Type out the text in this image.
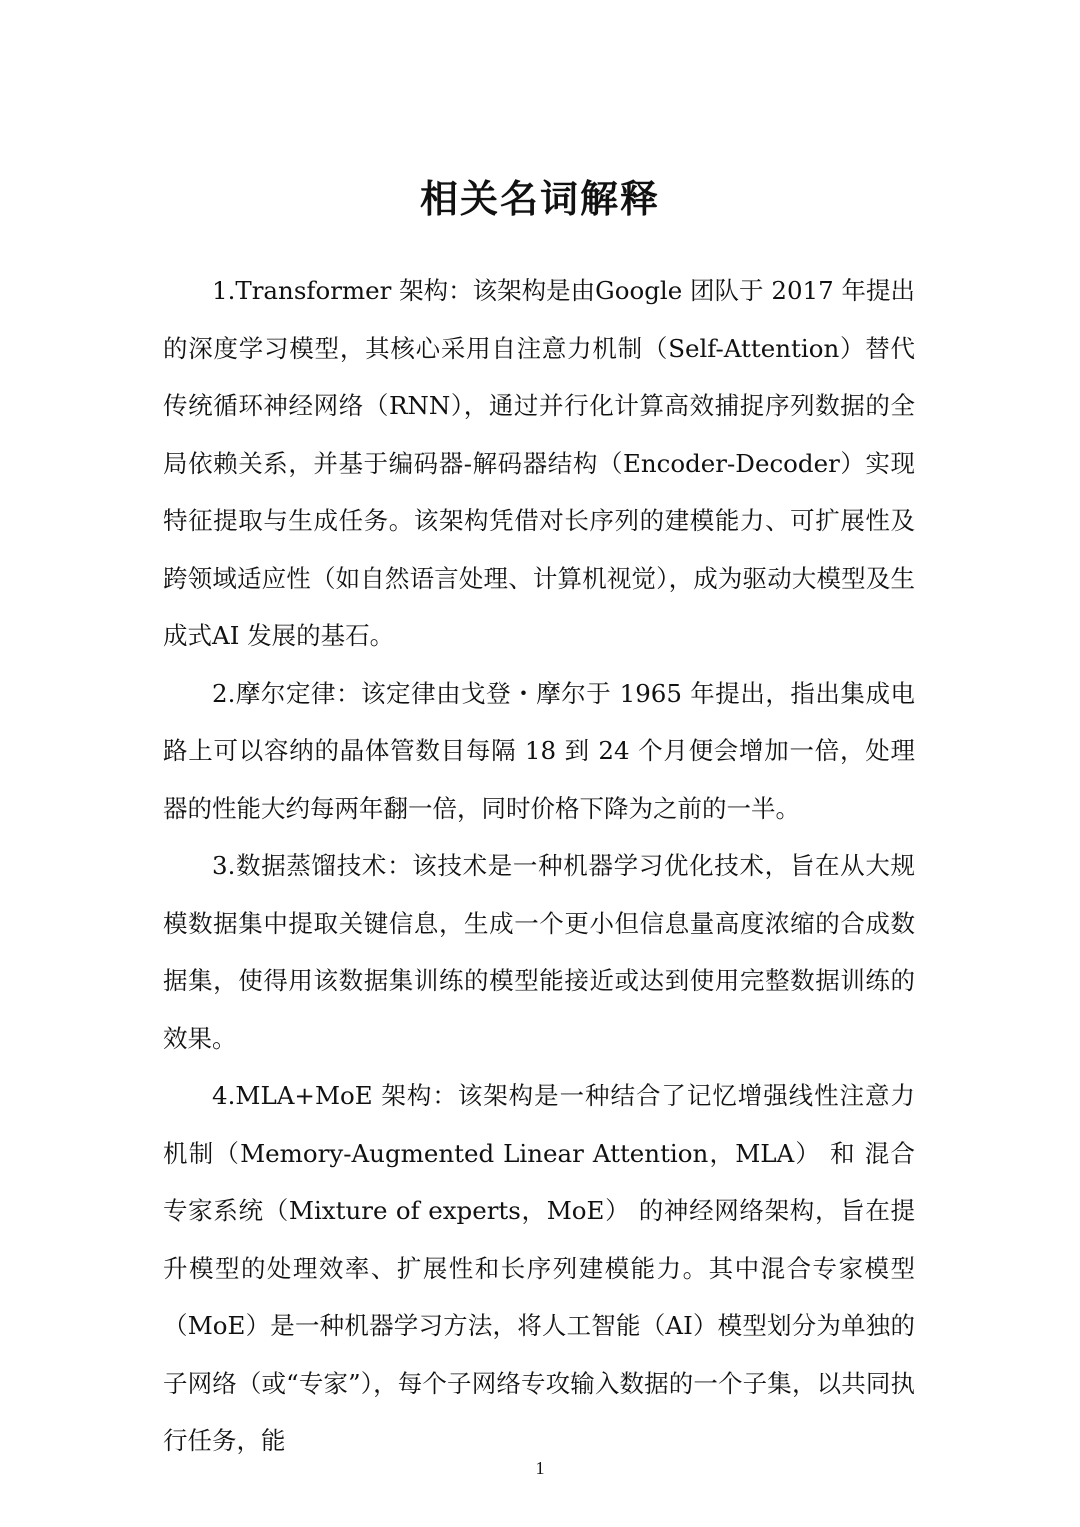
相关名词解释

1.Transformer 架构：该架构是由Google 团队于 2017 年提出的深度学习模型，其核心采用自注意力机制（Self-Attention）替代传统循环神经网络（RNN），通过并行化计算高效捕捉序列数据的全局依赖关系，并基于编码器-解码器结构（Encoder-Decoder）实现特征提取与生成任务。该架构凭借对长序列的建模能力、可扩展性及跨领域适应性（如自然语言处理、计算机视觉），成为驱动大模型及生成式AI 发展的基石。

2.摩尔定律：该定律由戈登・摩尔于 1965 年提出，指出集成电路上可以容纳的晶体管数目每隔 18 到 24 个月便会增加一倍，处理器的性能大约每两年翻一倍，同时价格下降为之前的一半。

3.数据蒸馏技术：该技术是一种机器学习优化技术，旨在从大规模数据集中提取关键信息，生成一个更小但信息量高度浓缩的合成数据集，使得用该数据集训练的模型能接近或达到使用完整数据训练的效果。

4.MLA+MoE 架构：该架构是一种结合了记忆增强线性注意力机制（Memory-Augmented Linear Attention，MLA） 和 混合专家系统（Mixture of experts，MoE） 的神经网络架构，旨在提升模型的处理效率、扩展性和长序列建模能力。其中混合专家模型（MoE）是一种机器学习方法，将人工智能（AI）模型划分为单独的子网络（或“专家”），每个子网络专攻输入数据的一个子集，以共同执行任务，能

1
